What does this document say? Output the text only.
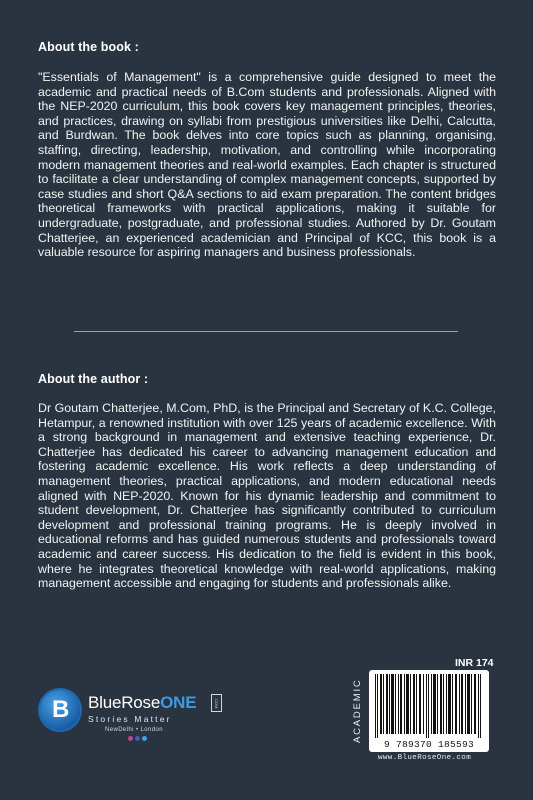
About the book :
"Essentials of Management" is a comprehensive guide designed to meet the academic and practical needs of B.Com students and professionals. Aligned with the NEP-2020 curriculum, this book covers key management principles, theories, and practices, drawing on syllabi from prestigious universities like Delhi, Calcutta, and Burdwan. The book delves into core topics such as planning, organising, staffing, directing, leadership, motivation, and controlling while incorporating modern management theories and real-world examples. Each chapter is structured to facilitate a clear understanding of complex management concepts, supported by case studies and short Q&A sections to aid exam preparation. The content bridges theoretical frameworks with practical applications, making it suitable for undergraduate, postgraduate, and professional studies. Authored by Dr. Goutam Chatterjee, an experienced academician and Principal of KCC, this book is a valuable resource for aspiring managers and business professionals.
About the author :
Dr Goutam Chatterjee, M.Com, PhD, is the Principal and Secretary of K.C. College, Hetampur, a renowned institution with over 125 years of academic excellence. With a strong background in management and extensive teaching experience, Dr. Chatterjee has dedicated his career to advancing management education and fostering academic excellence. His work reflects a deep understanding of management theories, practical applications, and modern educational needs aligned with NEP-2020. Known for his dynamic leadership and commitment to student development, Dr. Chatterjee has significantly contributed to curriculum development and professional training programs. He is deeply involved in educational reforms and has guided numerous students and professionals toward academic and career success. His dedication to the field is evident in this book, where he integrates theoretical knowledge with real-world applications, making management accessible and engaging for students and professionals alike.
B BlueRoseONE	.COM
Stories Matter
NewDelhi • London
INR 174
ACADEMIC
9 789370 185593
www.BlueRoseOne.com
